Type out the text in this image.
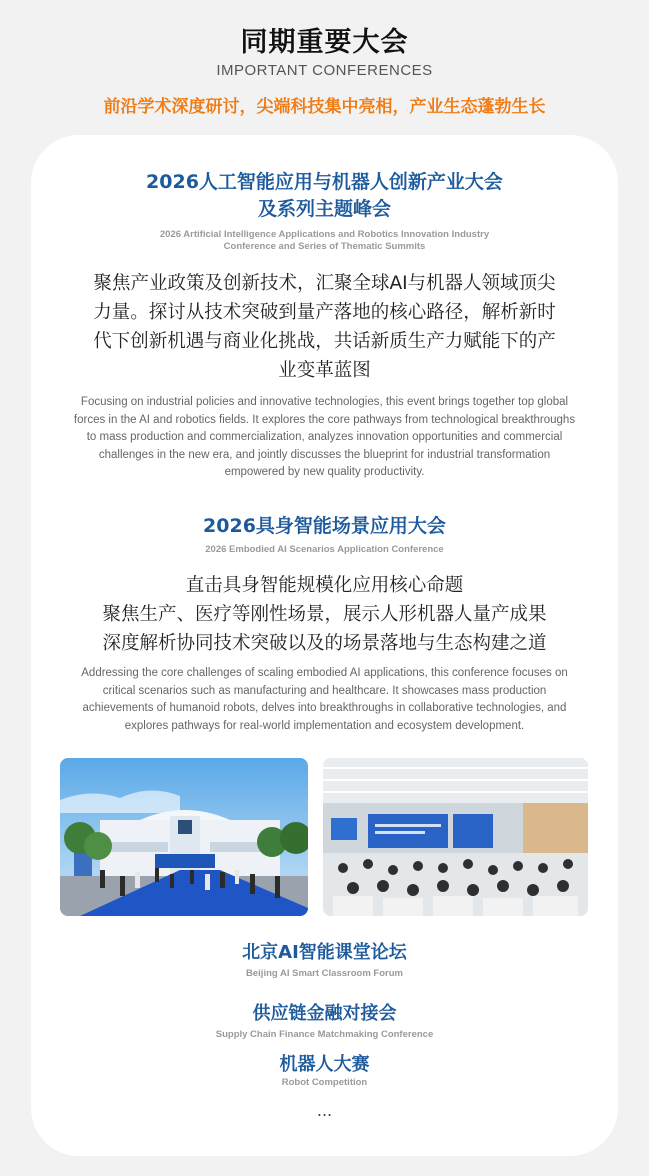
同期重要大会
IMPORTANT CONFERENCES
前沿学术深度研讨，尖端科技集中亮相，产业生态蓬勃生长
2026人工智能应用与机器人创新产业大会
及系列主题峰会
2026 Artificial Intelligence Applications and Robotics Innovation Industry
Conference and Series of Thematic Summits
聚焦产业政策及创新技术，汇聚全球AI与机器人领域顶尖
力量。探讨从技术突破到量产落地的核心路径，解析新时
代下创新机遇与商业化挑战，共话新质生产力赋能下的产
业变革蓝图
Focusing on industrial policies and innovative technologies, this event brings together top global
forces in the AI and robotics fields. It explores the core pathways from technological breakthroughs
to mass production and commercialization, analyzes innovation opportunities and commercial
challenges in the new era, and jointly discusses the blueprint for industrial transformation
empowered by new quality productivity.
2026具身智能场景应用大会
2026 Embodied AI Scenarios Application Conference
直击具身智能规模化应用核心命题
聚焦生产、医疗等刚性场景，展示人形机器人量产成果
深度解析协同技术突破以及的场景落地与生态构建之道
Addressing the core challenges of scaling embodied AI applications, this conference focuses on
critical scenarios such as manufacturing and healthcare. It showcases mass production
achievements of humanoid robots, delves into breakthroughs in collaborative technologies, and
explores pathways for real-world implementation and ecosystem development.
北京AI智能课堂论坛
Beijing AI Smart Classroom Forum
供应链金融对接会
Supply Chain Finance Matchmaking Conference
机器人大赛
Robot Competition
...
